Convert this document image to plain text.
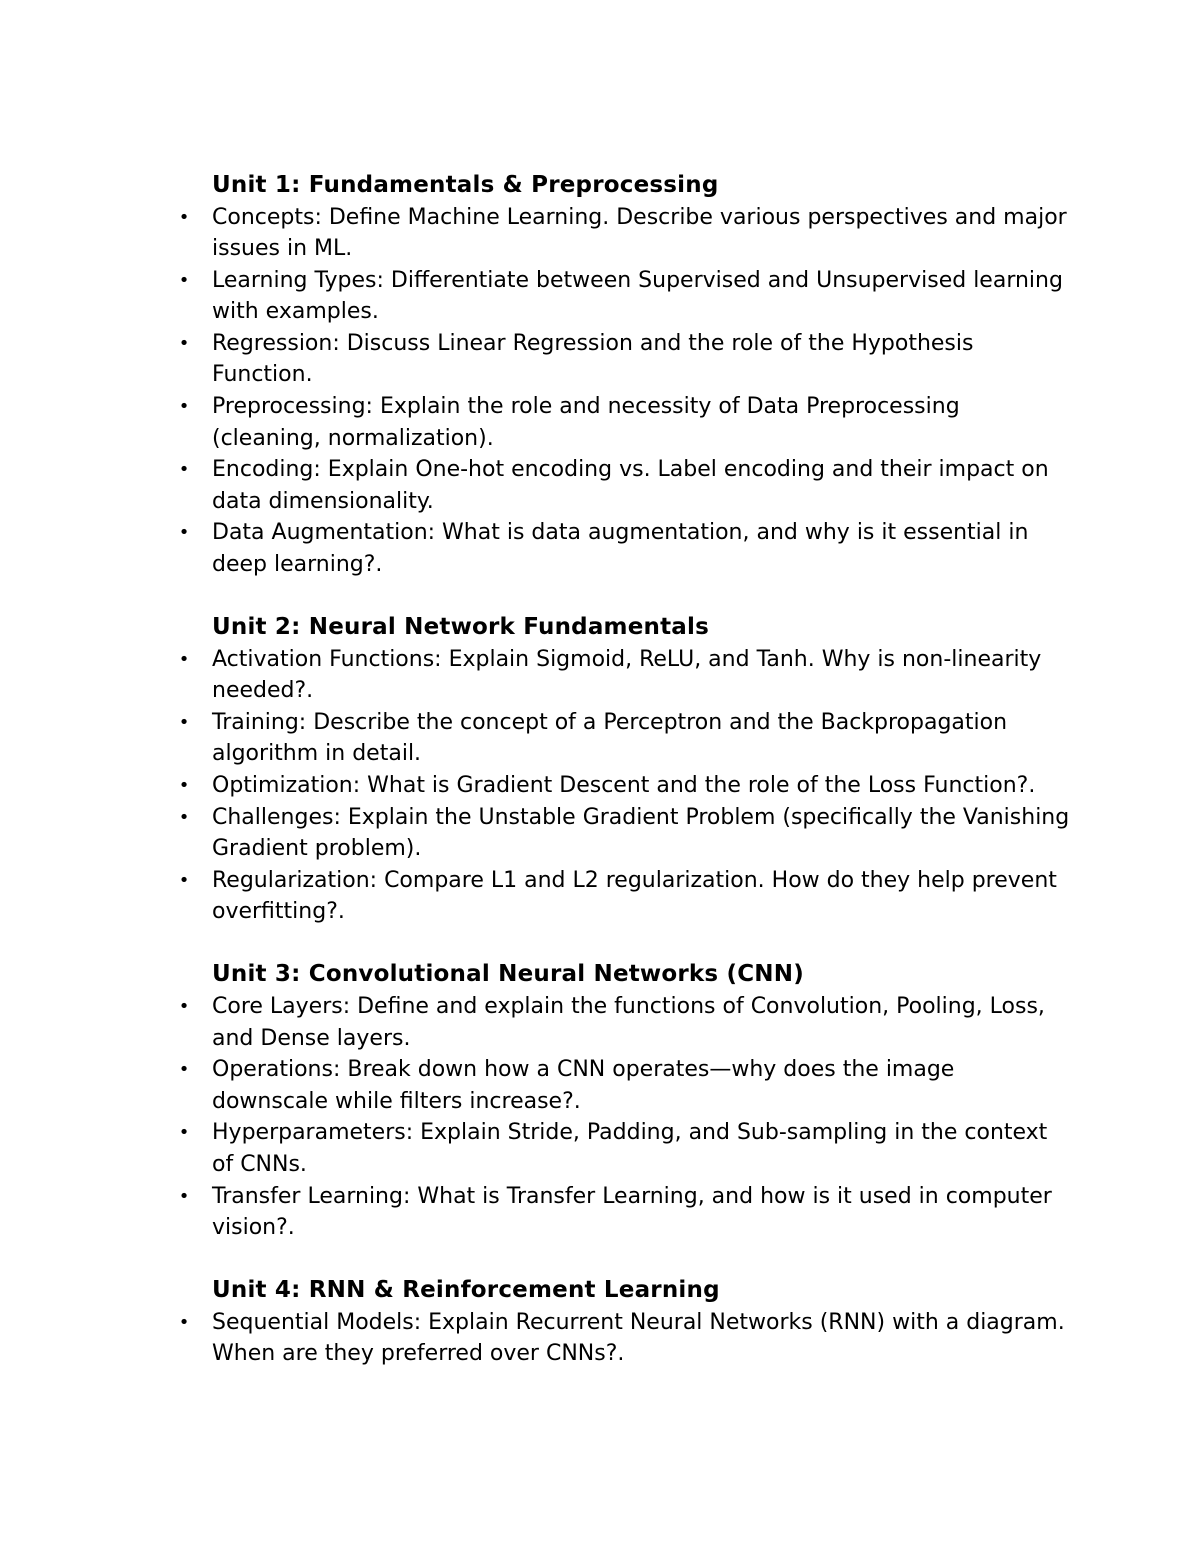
Unit 1: Fundamentals & Preprocessing
• Concepts: Define Machine Learning. Describe various perspectives and major issues in ML.
• Learning Types: Differentiate between Supervised and Unsupervised learning with examples.
• Regression: Discuss Linear Regression and the role of the Hypothesis Function.
• Preprocessing: Explain the role and necessity of Data Preprocessing (cleaning, normalization).
• Encoding: Explain One-hot encoding vs. Label encoding and their impact on data dimensionality.
• Data Augmentation: What is data augmentation, and why is it essential in deep learning?.
Unit 2: Neural Network Fundamentals
• Activation Functions: Explain Sigmoid, ReLU, and Tanh. Why is non-linearity needed?.
• Training: Describe the concept of a Perceptron and the Backpropagation algorithm in detail.
• Optimization: What is Gradient Descent and the role of the Loss Function?.
• Challenges: Explain the Unstable Gradient Problem (specifically the Vanishing Gradient problem).
• Regularization: Compare L1 and L2 regularization. How do they help prevent overfitting?.
Unit 3: Convolutional Neural Networks (CNN)
• Core Layers: Define and explain the functions of Convolution, Pooling, Loss, and Dense layers.
• Operations: Break down how a CNN operates—why does the image downscale while filters increase?.
• Hyperparameters: Explain Stride, Padding, and Sub-sampling in the context of CNNs.
• Transfer Learning: What is Transfer Learning, and how is it used in computer vision?.
Unit 4: RNN & Reinforcement Learning
• Sequential Models: Explain Recurrent Neural Networks (RNN) with a diagram. When are they preferred over CNNs?.
